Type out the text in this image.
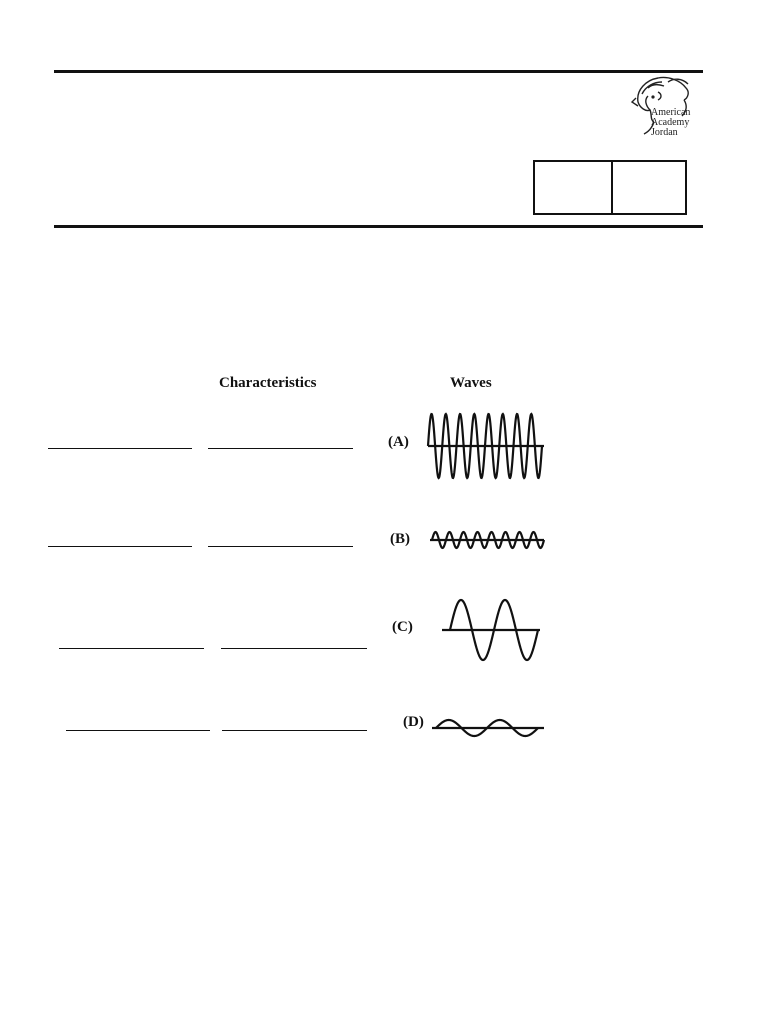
American
Academy
Jordan
Characteristics	Waves
(A)
(B)
(C)
(D)
